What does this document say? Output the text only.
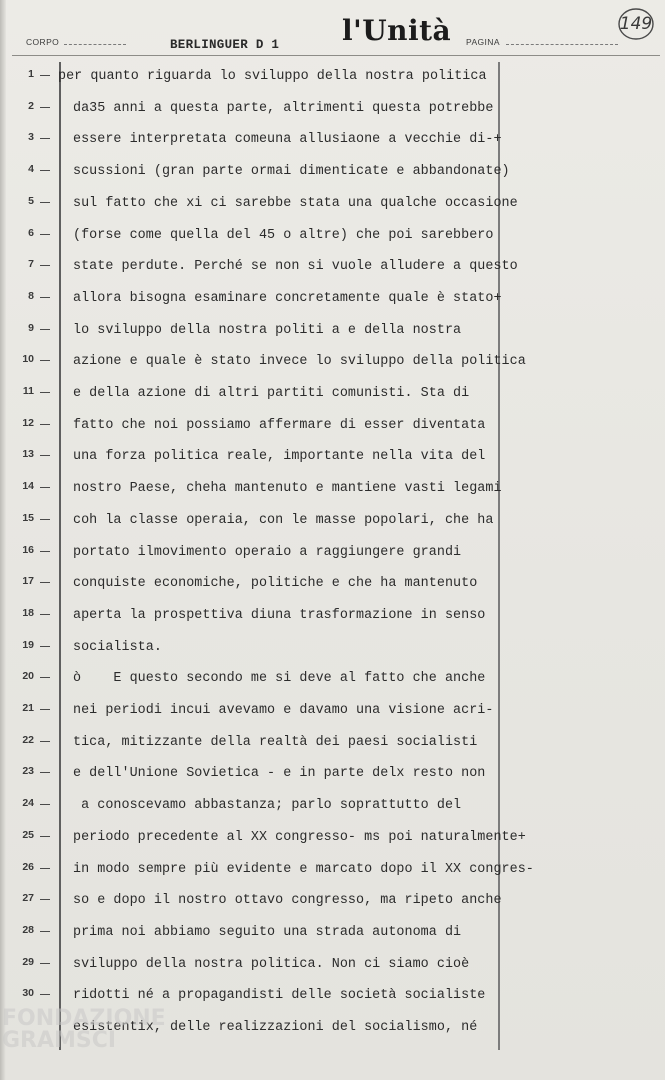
CORPO	BERLINGUER D 1 l'Unità PAGINA
149
1
2
3
4
5
6
7
8
9
10
11
12
13
14
15
16
17
18
19
20
21
22
23
24
25
26
27
28
29
30
per quanto riguarda lo sviluppo della nostra politica
da35 anni a questa parte, altrimenti questa potrebbe
essere interpretata comeuna allusiaone a vecchie di-+
scussioni (gran parte ormai dimenticate e abbandonate)
sul fatto che xi ci sarebbe stata una qualche occasione
(forse come quella del 45 o altre) che poi sarebbero
state perdute. Perché se non si vuole alludere a questo
allora bisogna esaminare concretamente quale è stato+
lo sviluppo della nostra politi a e della nostra
azione e quale è stato invece lo sviluppo della politica
e della azione di altri partiti comunisti. Sta di
fatto che noi possiamo affermare di esser diventata
una forza politica reale, importante nella vita del
nostro Paese, cheha mantenuto e mantiene vasti legami
coh la classe operaia, con le masse popolari, che ha
portato ilmovimento operaio a raggiungere grandi
conquiste economiche, politiche e che ha mantenuto
aperta la prospettiva diuna trasformazione in senso
socialista.
ò    E questo secondo me si deve al fatto che anche
nei periodi incui avevamo e davamo una visione acri-
tica, mitizzante della realtà dei paesi socialisti
e dell'Unione Sovietica - e in parte delx resto non
a conoscevamo abbastanza; parlo soprattutto del
periodo precedente al XX congresso- ms poi naturalmente+
in modo sempre più evidente e marcato dopo il XX congres-
so e dopo il nostro ottavo congresso, ma ripeto anche
prima noi abbiamo seguito una strada autonoma di
sviluppo della nostra politica. Non ci siamo cioè
ridotti né a propagandisti delle società socialiste
esistentix, delle realizzazioni del socialismo, né
FONDAZIONE
GRAMSCI
